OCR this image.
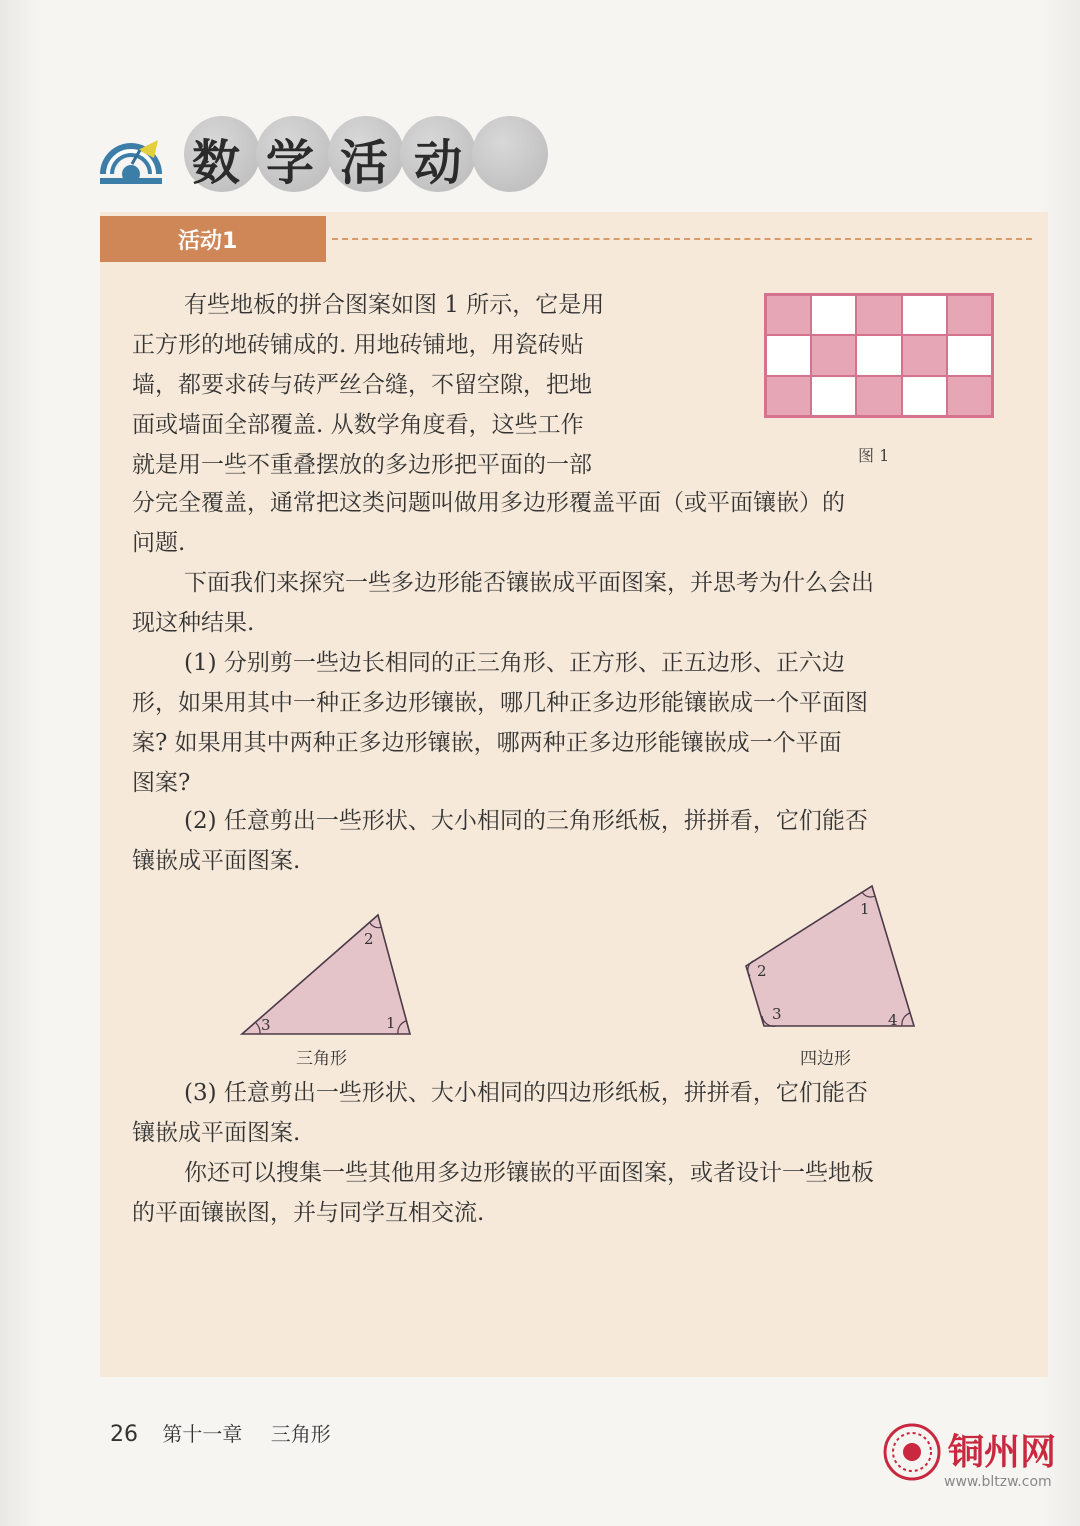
数学活动
活动1
有些地板的拼合图案如图 1 所示，它是用
正方形的地砖铺成的. 用地砖铺地，用瓷砖贴
墙，都要求砖与砖严丝合缝，不留空隙，把地
面或墙面全部覆盖. 从数学角度看，这些工作
就是用一些不重叠摆放的多边形把平面的一部
分完全覆盖，通常把这类问题叫做用多边形覆盖平面（或平面镶嵌）的
问题.
图 1
下面我们来探究一些多边形能否镶嵌成平面图案，并思考为什么会出
现这种结果.
(1) 分别剪一些边长相同的正三角形、正方形、正五边形、正六边
形，如果用其中一种正多边形镶嵌，哪几种正多边形能镶嵌成一个平面图
案? 如果用其中两种正多边形镶嵌，哪两种正多边形能镶嵌成一个平面
图案?
(2) 任意剪出一些形状、大小相同的三角形纸板，拼拼看，它们能否
镶嵌成平面图案.
2
3	1
三角形
1
2
3	4
四边形
(3) 任意剪出一些形状、大小相同的四边形纸板，拼拼看，它们能否
镶嵌成平面图案.
你还可以搜集一些其他用多边形镶嵌的平面图案，或者设计一些地板
的平面镶嵌图，并与同学互相交流.
26 第十一章 三角形	铜州网
www.bltzw.com
